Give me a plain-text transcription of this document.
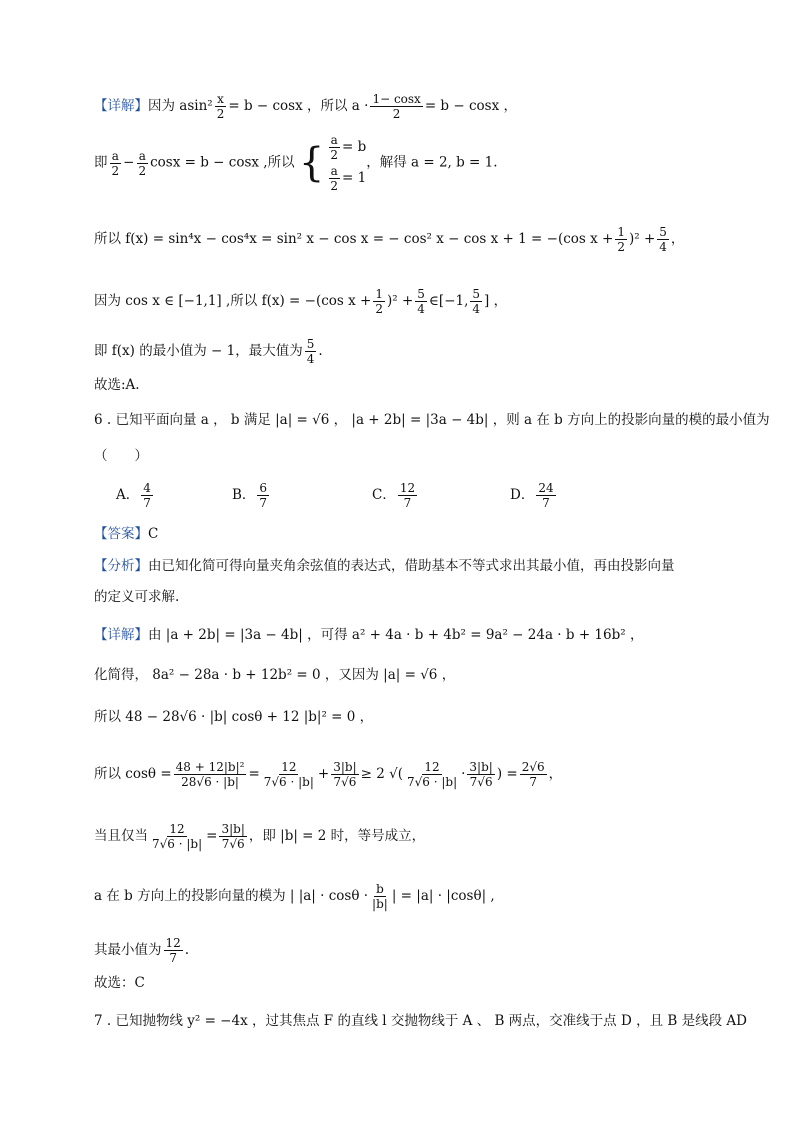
【详解】因为 $asin^2 \frac{x}{2} = b - \cos x$ ，所以 $a \cdot \frac{1- \cos x}{2} = b - \cos x$ ，
即 $\frac{a}{2} - \frac{a}{2}$ cosx = b − cosx ,所以 { $\frac{a}{2} = b$
$\frac{a}{2} = 1$
，解得 a = 2, b = 1.
所以 f(x) = sin⁴x − cos⁴x = sin² x − cos x = − cos² x − cos x + 1 = −(cos $x + \frac{1}{2} )^2 + \frac{5}{4}$ ，
因为 cos x ∈ [−1,1] ,所以 f(x) = −(cos $x + \frac{1}{2} )^2 + \frac{5}{4}$ ∈[−1, $\frac{5}{4}$ ] ，
即 f(x) 的最小值为 − 1，最大值为 $\frac{5}{4}$ .
故选:A.
6 . 已知平面向量 a ， b 满足 |a| = √6 ， |a + 2b| = |3a − 4b| ，则 a 在 b 方向上的投影向量的模的最小值为
（　　）
A． $\frac{4}{7}$	B． $\frac{6}{7}$	C． $\frac{12}{7}$	D． $\frac{24}{7}$
【答案】C
【分析】由已知化简可得向量夹角余弦值的表达式，借助基本不等式求出其最小值，再由投影向量
的定义可求解.
【详解】由 |a + 2b| = |3a − 4b| ，可得 a² + 4a · b + 4b² = 9a² − 24a · b + 16b² ，
化简得， 8a² − 28a · b + 12b² = 0 ，又因为 |a| = √6 ，
所以 48 − 28√6 · |b| cosθ + 12 |b|² = 0 ，
所以 $\cos\theta = \frac{\text{48 + 12|b|²}}{28√6 \cdot |b|} = \frac{12}{7√6 \cdot |b|} + \frac{3|b|}{7√6} \ge 2$ √( $\frac{12}{7√6 \cdot |b|} \cdot \frac{3|b|}{7√6}$ ) = $\frac{2√6}{7}$ ，
当且仅当 $\frac{12}{7√6 \cdot |b|} = \frac{3|b|}{7√6}$ ，即 |b| = 2 时，等号成立，
a 在 b 方向上的投影向量的模为 | $|a| \cdot \cos\theta \cdot \frac{b}{|b|}$ | = |a| · |cosθ| ,
其最小值为 $\frac{12}{7}$ .
故选：C
7 . 已知抛物线 y² = −4x ，过其焦点 F 的直线 l 交抛物线于 A 、 B 两点，交准线于点 D ，且 B 是线段 AD
